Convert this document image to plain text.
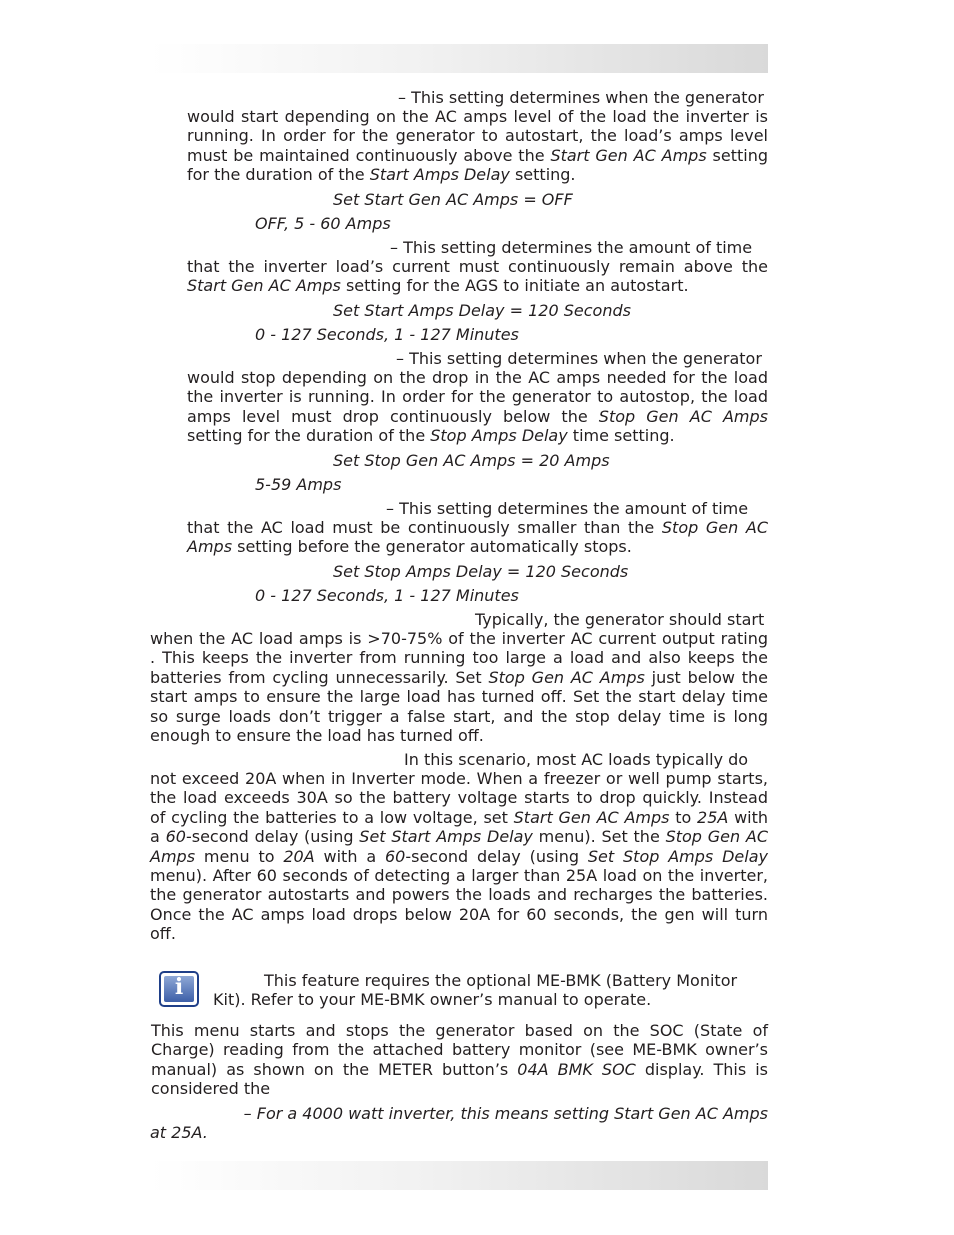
– This setting determines when the generator

would start depending on the AC amps level of the load the inverter is running. In order for the generator to autostart, the load’s amps level must be maintained continuously above the Start Gen AC Amps setting for the duration of the Start Amps Delay setting.

Set Start Gen AC Amps = OFF
OFF, 5 - 60 Amps
– This setting determines the amount of time

that the inverter load’s current must continuously remain above the Start Gen AC Amps setting for the AGS to initiate an autostart.

Set Start Amps Delay = 120 Seconds
0 - 127 Seconds, 1 - 127 Minutes
– This setting determines when the generator

would stop depending on the drop in the AC amps needed for the load the inverter is running. In order for the generator to autostop, the load amps level must drop continuously below the Stop Gen AC Amps setting for the duration of the Stop Amps Delay time setting.

Set Stop Gen AC Amps = 20 Amps
5-59 Amps
– This setting determines the amount of time

that the AC load must be continuously smaller than the Stop Gen AC Amps setting before the generator automatically stops.

Set Stop Amps Delay = 120 Seconds
0 - 127 Seconds, 1 - 127 Minutes
Typically, the generator should start

when the AC load amps is >70-75% of the inverter AC current output rating . This keeps the inverter from running too large a load and also keeps the batteries from cycling unnecessarily. Set Stop Gen AC Amps just below the start amps to ensure the large load has turned off. Set the start delay time so surge loads don’t trigger a false start, and the stop delay time is long enough to ensure the load has turned off.

In this scenario, most AC loads typically do

not exceed 20A when in Inverter mode. When a freezer or well pump starts, the load exceeds 30A so the battery voltage starts to drop quickly. Instead of cycling the batteries to a low voltage, set Start Gen AC Amps to 25A with a 60-second delay (using Set Start Amps Delay menu). Set the Stop Gen AC Amps menu to 20A with a 60-second delay (using Set Stop Amps Delay menu). After 60 seconds of detecting a larger than 25A load on the inverter, the generator autostarts and powers the loads and recharges the batteries. Once the AC amps load drops below 20A for 60 seconds, the gen will turn off.

i	This feature requires the optional ME-BMK (Battery Monitor
Kit). Refer to your ME-BMK owner’s manual to operate.

This menu starts and stops the generator based on the SOC (State of Charge) reading from the attached battery monitor (see ME-BMK owner’s manual) as shown on the METER button’s 04A BMK SOC display. This is considered the

– For a 4000 watt inverter, this means setting Start Gen AC Amps
at 25A.
